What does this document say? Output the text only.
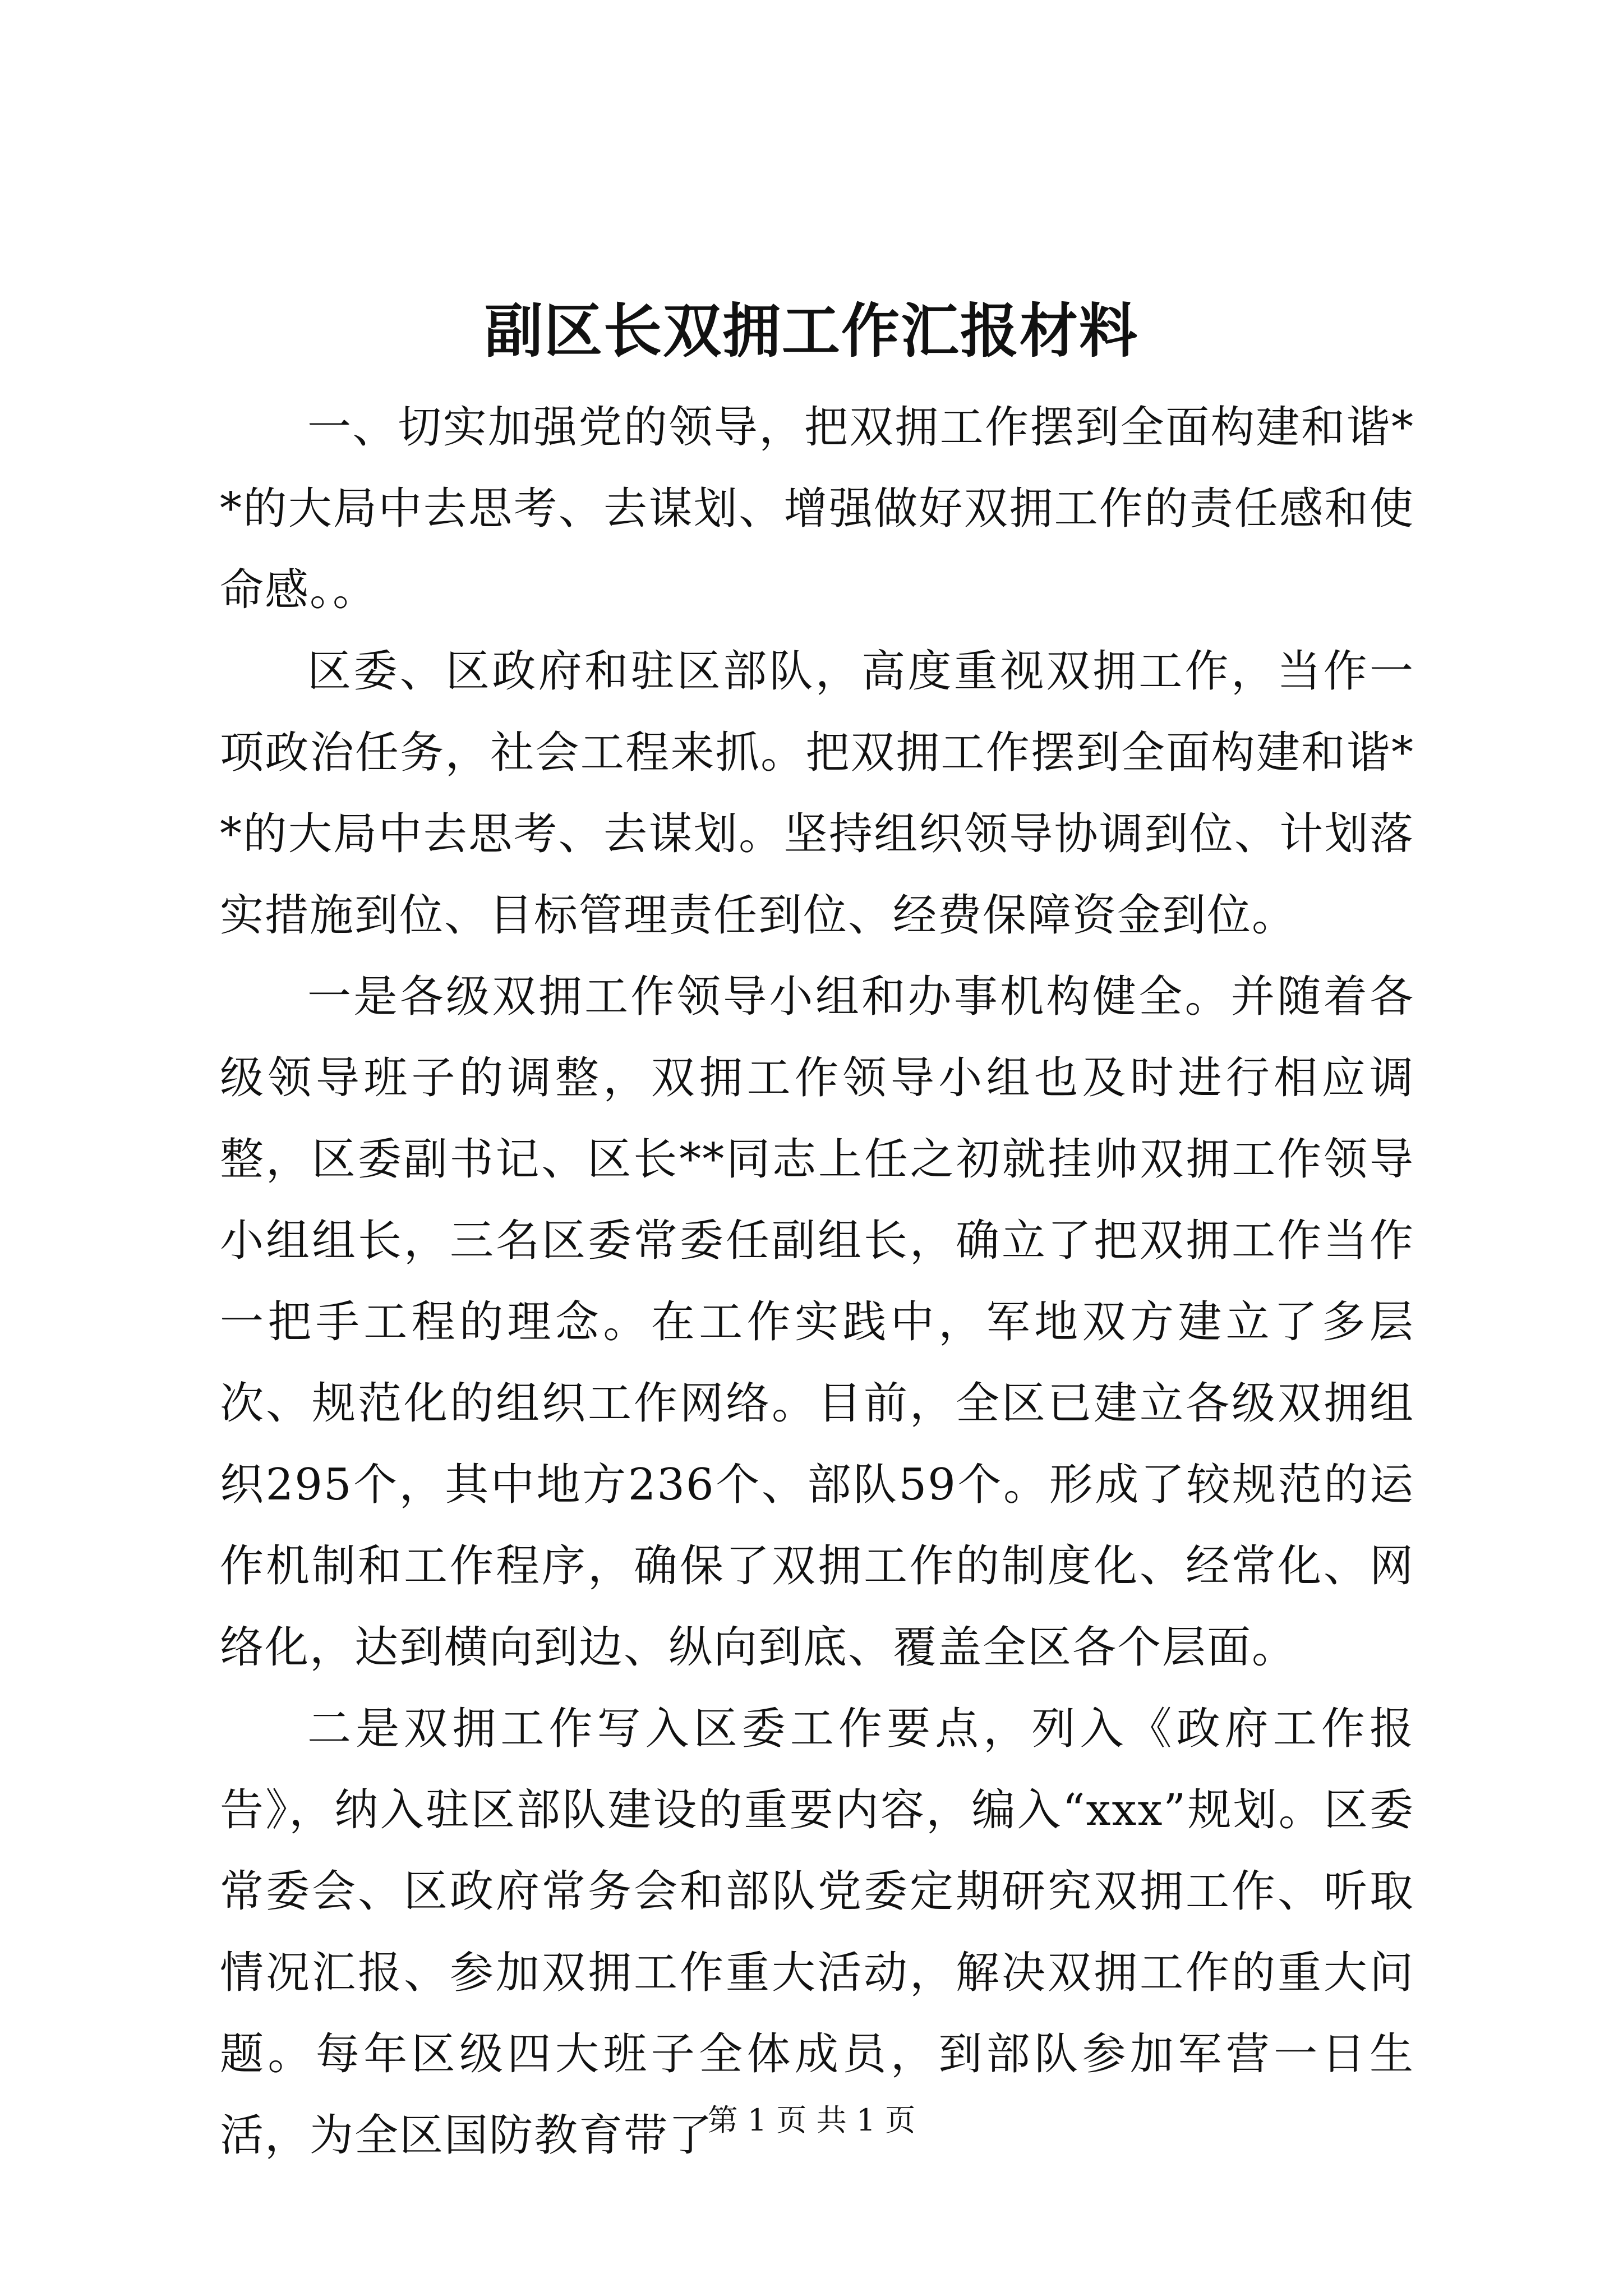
副区长双拥工作汇报材料

一、切实加强党的领导，把双拥工作摆到全面构建和谐**的大局中去思考、去谋划、增强做好双拥工作的责任感和使命感。。

区委、区政府和驻区部队，高度重视双拥工作，当作一项政治任务，社会工程来抓。把双拥工作摆到全面构建和谐**的大局中去思考、去谋划。坚持组织领导协调到位、计划落实措施到位、目标管理责任到位、经费保障资金到位。

一是各级双拥工作领导小组和办事机构健全。并随着各级领导班子的调整，双拥工作领导小组也及时进行相应调整，区委副书记、区长**同志上任之初就挂帅双拥工作领导小组组长，三名区委常委任副组长，确立了把双拥工作当作一把手工程的理念。在工作实践中，军地双方建立了多层次、规范化的组织工作网络。目前，全区已建立各级双拥组织295个，其中地方236个、部队59个。形成了较规范的运作机制和工作程序，确保了双拥工作的制度化、经常化、网络化，达到横向到边、纵向到底、覆盖全区各个层面。

二是双拥工作写入区委工作要点，列入《政府工作报告》，纳入驻区部队建设的重要内容，编入“xxx”规划。区委常委会、区政府常务会和部队党委定期研究双拥工作、听取情况汇报、参加双拥工作重大活动，解决双拥工作的重大问题。每年区级四大班子全体成员，到部队参加军营一日生活，为全区国防教育带了

第 1 页 共 1 页
